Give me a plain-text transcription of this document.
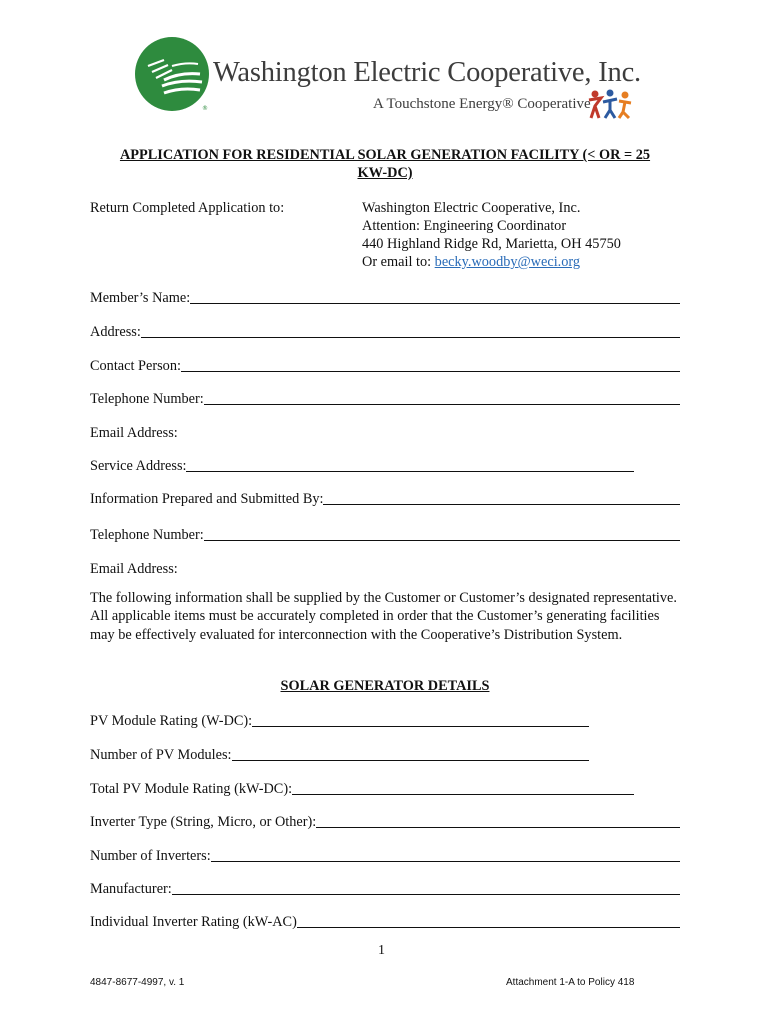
®
Washington Electric Cooperative, Inc.
A Touchstone Energy® Cooperative
APPLICATION FOR RESIDENTIAL SOLAR GENERATION FACILITY (< OR = 25
KW-DC)
Return Completed Application to:	Washington Electric Cooperative, Inc.
Attention: Engineering Coordinator
440 Highland Ridge Rd, Marietta, OH 45750
Or email to: becky.woodby@weci.org
Member’s Name:
Address:
Contact Person:
Telephone Number:
Email Address:
Service Address:
Information Prepared and Submitted By:
Telephone Number:
Email Address:
The following information shall be supplied by the Customer or Customer’s designated representative. All applicable items must be accurately completed in order that the Customer’s generating facilities may be effectively evaluated for interconnection with the Cooperative’s Distribution System.
SOLAR GENERATOR DETAILS
PV Module Rating (W-DC):
Number of PV Modules:
Total PV Module Rating (kW-DC):
Inverter Type (String, Micro, or Other):
Number of Inverters:
Manufacturer:
Individual Inverter Rating (kW-AC)
1
4847-8677-4997, v. 1	Attachment 1-A to Policy 418
